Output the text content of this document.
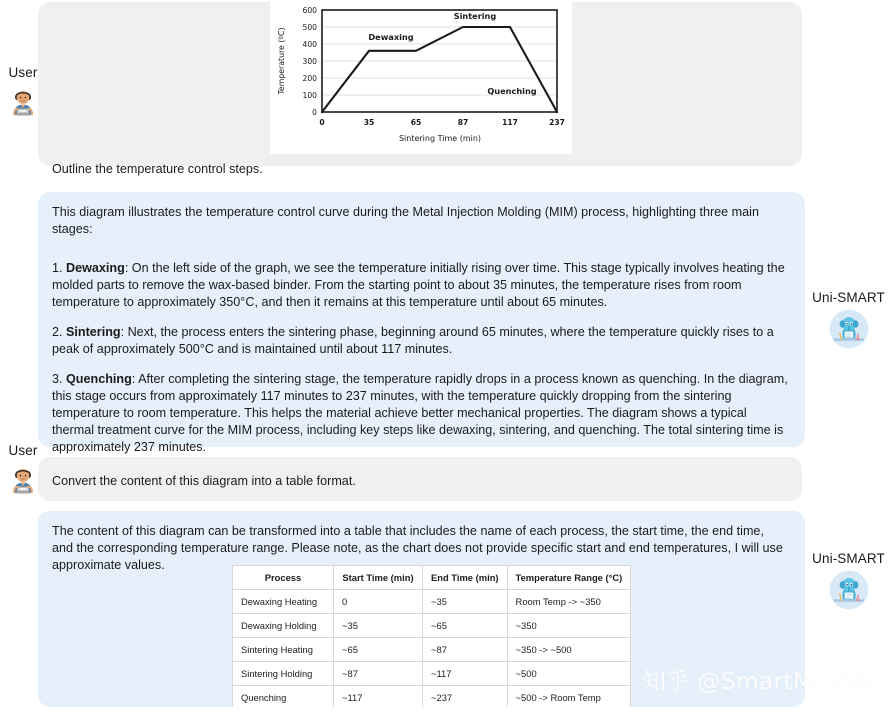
User
600
500
400
300
200
100
0
Temperature (ºC)
0	35	65	87	117	237
Sintering Time (min)
Dewaxing
Sintering
Quenching
Outline the temperature control steps.

This diagram illustrates the temperature control curve during the Metal Injection Molding (MIM) process, highlighting three main stages:

1. Dewaxing: On the left side of the graph, we see the temperature initially rising over time. This stage typically involves heating the molded parts to remove the wax-based binder. From the starting point to about 35 minutes, the temperature rises from room temperature to approximately 350°C, and then it remains at this temperature until about 65 minutes.

2. Sintering: Next, the process enters the sintering phase, beginning around 65 minutes, where the temperature quickly rises to a peak of approximately 500°C and is maintained until about 117 minutes.

3. Quenching: After completing the sintering stage, the temperature rapidly drops in a process known as quenching. In the diagram, this stage occurs from approximately 117 minutes to 237 minutes, with the temperature quickly dropping from the sintering temperature to room temperature. This helps the material achieve better mechanical properties. The diagram shows a typical thermal treatment curve for the MIM process, including key steps like dewaxing, sintering, and quenching. The total sintering time is approximately 237 minutes.

Uni-SMART
User
Convert the content of this diagram into a table format.

The content of this diagram can be transformed into a table that includes the name of each process, the start time, the end time, and the corresponding temperature range. Please note, as the chart does not provide specific start and end temperatures, I will use approximate values.

Process	Start Time (min)	End Time (min)	Temperature Range (°C)
Dewaxing Heating	0	~35	Room Temp -> ~350
Dewaxing Holding	~35	~65	~350
Sintering Heating	~65	~87	~350 -> ~500
Sintering Holding	~87	~117	~500
Quenching	~117	~237	~500 -> Room Temp
Uni-SMART
知乎 @SmartMindAI
